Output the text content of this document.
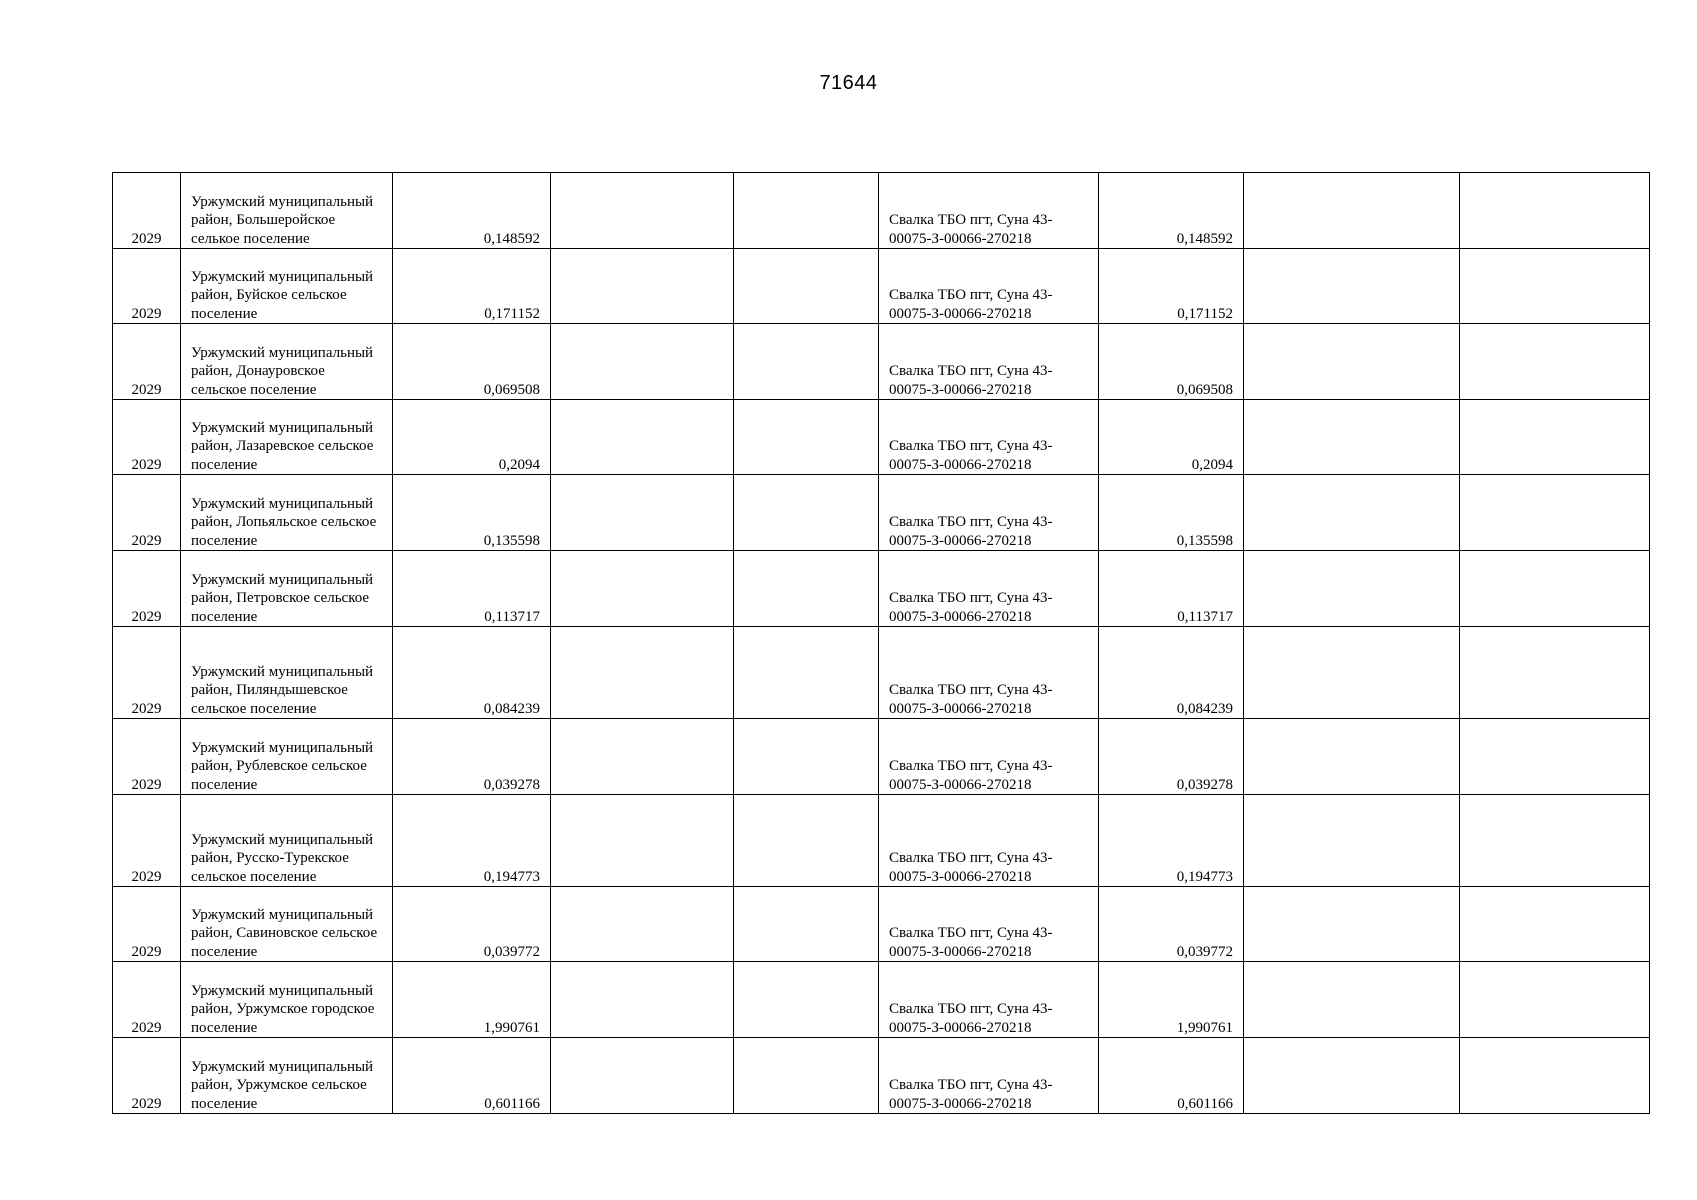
71644
2029	Уржумский муниципальный район, Большеройское селькое поселение	0,148592			Свалка ТБО пгт, Суна 43-00075-З-00066-270218	0,148592		
2029	Уржумский муниципальный район, Буйское сельское поселение	0,171152			Свалка ТБО пгт, Суна 43-00075-З-00066-270218	0,171152		
2029	Уржумский муниципальный район, Донауровское сельское поселение	0,069508			Свалка ТБО пгт, Суна 43-00075-З-00066-270218	0,069508		
2029	Уржумский муниципальный район, Лазаревское сельское поселение	0,2094			Свалка ТБО пгт, Суна 43-00075-З-00066-270218	0,2094		
2029	Уржумский муниципальный район, Лопьяльское сельское поселение	0,135598			Свалка ТБО пгт, Суна 43-00075-З-00066-270218	0,135598		
2029	Уржумский муниципальный район, Петровское сельское поселение	0,113717			Свалка ТБО пгт, Суна 43-00075-З-00066-270218	0,113717		
2029	Уржумский муниципальный район, Пиляндышевское сельское поселение	0,084239			Свалка ТБО пгт, Суна 43-00075-З-00066-270218	0,084239		
2029	Уржумский муниципальный район, Рублевское сельское поселение	0,039278			Свалка ТБО пгт, Суна 43-00075-З-00066-270218	0,039278		
2029	Уржумский муниципальный район, Русско-Турекское сельское поселение	0,194773			Свалка ТБО пгт, Суна 43-00075-З-00066-270218	0,194773		
2029	Уржумский муниципальный район, Савиновское сельское поселение	0,039772			Свалка ТБО пгт, Суна 43-00075-З-00066-270218	0,039772		
2029	Уржумский муниципальный район, Уржумское городское поселение	1,990761			Свалка ТБО пгт, Суна 43-00075-З-00066-270218	1,990761		
2029	Уржумский муниципальный район, Уржумское сельское поселение	0,601166			Свалка ТБО пгт, Суна 43-00075-З-00066-270218	0,601166		
